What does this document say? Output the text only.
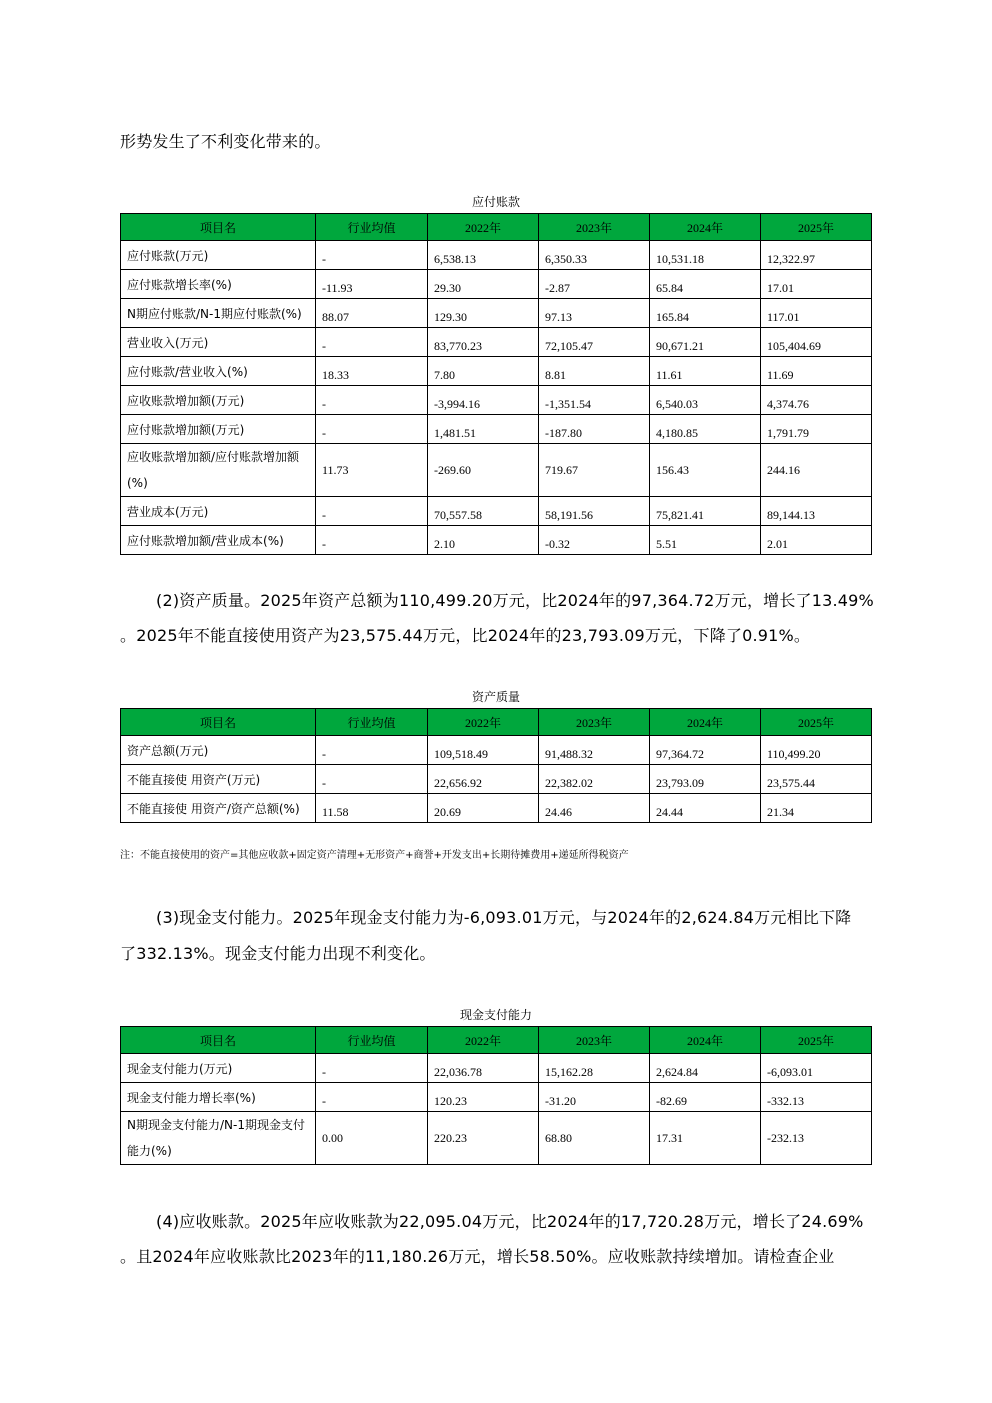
形势发生了不利变化带来的。
应付账款
项目名	行业均值	2022年	2023年	2024年	2025年
应付账款(万元)	-	6,538.13	6,350.33	10,531.18	12,322.97
应付账款增长率(%)	-11.93	29.30	-2.87	65.84	17.01
N期应付账款/N-1期应付账款(%)	88.07	129.30	97.13	165.84	117.01
营业收入(万元)	-	83,770.23	72,105.47	90,671.21	105,404.69
应付账款/营业收入(%)	18.33	7.80	8.81	11.61	11.69
应收账款增加额(万元)	-	-3,994.16	-1,351.54	6,540.03	4,374.76
应付账款增加额(万元)	-	1,481.51	-187.80	4,180.85	1,791.79
应收账款增加额/应付账款增加额(%)	11.73	-269.60	719.67	156.43	244.16
营业成本(万元)	-	70,557.58	58,191.56	75,821.41	89,144.13
应付账款增加额/营业成本(%)	-	2.10	-0.32	5.51	2.01
(2)资产质量。2025年资产总额为110,499.20万元，比2024年的97,364.72万元，增长了13.49%
。2025年不能直接使用资产为23,575.44万元，比2024年的23,793.09万元，下降了0.91%。
资产质量
项目名	行业均值	2022年	2023年	2024年	2025年
资产总额(万元)	-	109,518.49	91,488.32	97,364.72	110,499.20
不能直接使 用资产(万元)	-	22,656.92	22,382.02	23,793.09	23,575.44
不能直接使 用资产/资产总额(%)	11.58	20.69	24.46	24.44	21.34
注：不能直接使用的资产=其他应收款+固定资产清理+无形资产+商誉+开发支出+长期待摊费用+递延所得税资产
(3)现金支付能力。2025年现金支付能力为-6,093.01万元，与2024年的2,624.84万元相比下降
了332.13%。现金支付能力出现不利变化。
现金支付能力
项目名	行业均值	2022年	2023年	2024年	2025年
现金支付能力(万元)	-	22,036.78	15,162.28	2,624.84	-6,093.01
现金支付能力增长率(%)	-	120.23	-31.20	-82.69	-332.13
N期现金支付能力/N-1期现金支付能力(%)	0.00	220.23	68.80	17.31	-232.13
(4)应收账款。2025年应收账款为22,095.04万元，比2024年的17,720.28万元，增长了24.69%
。且2024年应收账款比2023年的11,180.26万元，增长58.50%。应收账款持续增加。请检查企业
